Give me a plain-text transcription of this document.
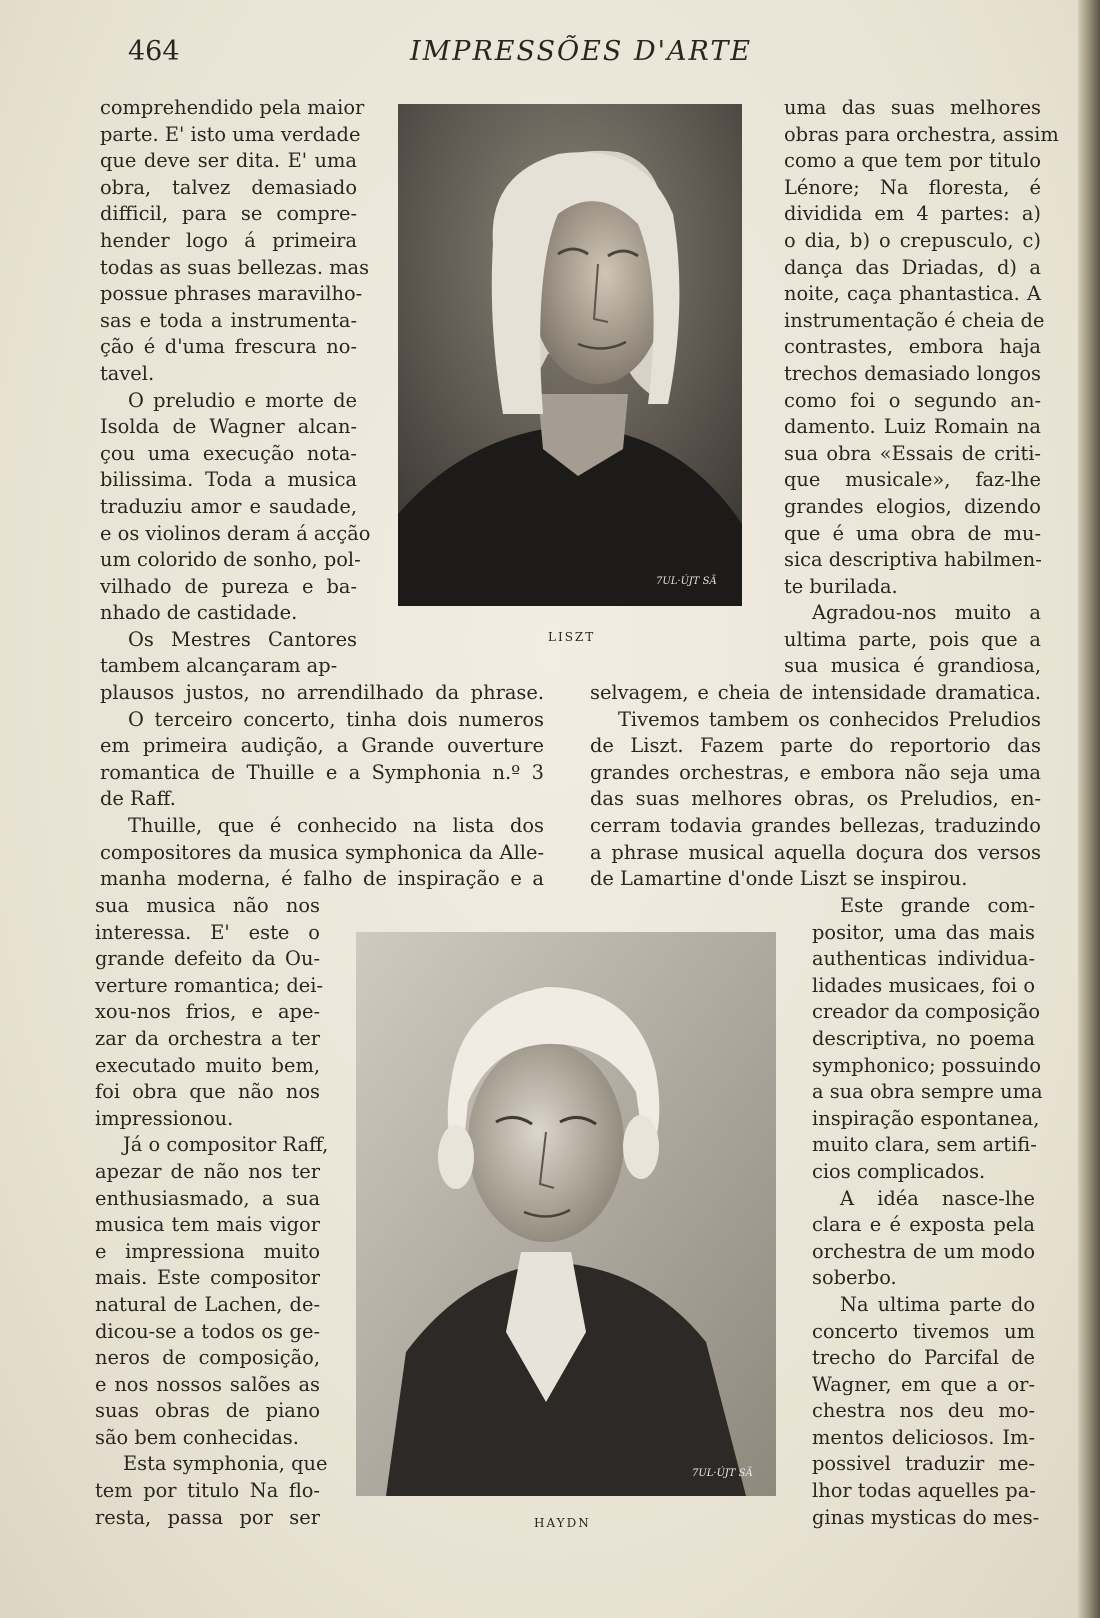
464	IMPRESSÕES D'ARTE
7UL·ÚJT SÃ
LISZT
7UL·ÚJT SÃ
HAYDN
comprehendido pela maior
parte. E' isto uma verdade
que deve ser dita. E' uma
obra, talvez demasiado
difficil, para se compre-
hender logo á primeira
todas as suas bellezas. mas
possue phrases maravilho-
sas e toda a instrumenta-
ção é d'uma frescura no-
tavel.
O preludio e morte de
Isolda de Wagner alcan-
çou uma execução nota-
bilissima. Toda a musica
traduziu amor e saudade,
e os violinos deram á acção
um colorido de sonho, pol-
vilhado de pureza e ba-
nhado de castidade.
Os Mestres Cantores
tambem alcançaram ap-
uma das suas melhores
obras para orchestra, assim
como a que tem por titulo
Lénore; Na floresta, é
dividida em 4 partes: a)
o dia, b) o crepusculo, c)
dança das Driadas, d) a
noite, caça phantastica. A
instrumentação é cheia de
contrastes, embora haja
trechos demasiado longos
como foi o segundo an-
damento. Luiz Romain na
sua obra «Essais de criti-
que musicale», faz-lhe
grandes elogios, dizendo
que é uma obra de mu-
sica descriptiva habilmen-
te burilada.
Agradou-nos muito a
ultima parte, pois que a
sua musica é grandiosa,
plausos justos, no arrendilhado da phrase.
O terceiro concerto, tinha dois numeros
em primeira audição, a Grande ouverture
romantica de Thuille e a Symphonia n.º 3
de Raff.
Thuille, que é conhecido na lista dos
compositores da musica symphonica da Alle-
manha moderna, é falho de inspiração e a
selvagem, e cheia de intensidade dramatica.
Tivemos tambem os conhecidos Preludios
de Liszt. Fazem parte do reportorio das
grandes orchestras, e embora não seja uma
das suas melhores obras, os Preludios, en-
cerram todavia grandes bellezas, traduzindo
a phrase musical aquella doçura dos versos
de Lamartine d'onde Liszt se inspirou.
sua musica não nos
interessa. E' este o
grande defeito da Ou-
verture romantica; dei-
xou-nos frios, e ape-
zar da orchestra a ter
executado muito bem,
foi obra que não nos
impressionou.
Já o compositor Raff,
apezar de não nos ter
enthusiasmado, a sua
musica tem mais vigor
e impressiona muito
mais. Este compositor
natural de Lachen, de-
dicou-se a todos os ge-
neros de composição,
e nos nossos salões as
suas obras de piano
são bem conhecidas.
Esta symphonia, que
tem por titulo Na flo-
resta, passa por ser
Este grande com-
positor, uma das mais
authenticas individua-
lidades musicaes, foi o
creador da composição
descriptiva, no poema
symphonico; possuindo
a sua obra sempre uma
inspiração espontanea,
muito clara, sem artifi-
cios complicados.
A idéa nasce-lhe
clara e é exposta pela
orchestra de um modo
soberbo.
Na ultima parte do
concerto tivemos um
trecho do Parcifal de
Wagner, em que a or-
chestra nos deu mo-
mentos deliciosos. Im-
possivel traduzir me-
lhor todas aquelles pa-
ginas mysticas do mes-
